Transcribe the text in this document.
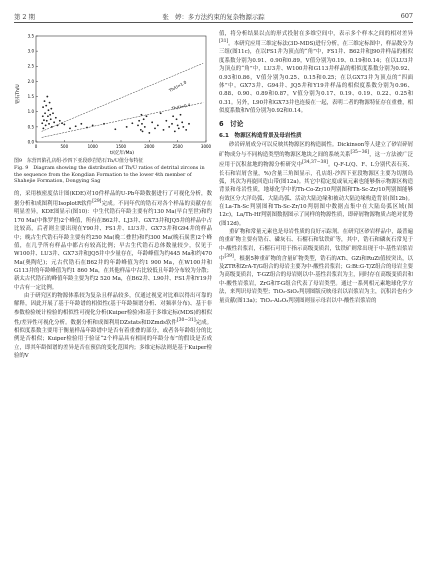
第 2 期	张　婷：多方法约束的复杂物源示踪	607
0	500	1000	1500	2000	2500	3000
0.0
0.5
1.0
1.5
2.0
2.5
3.0
3.5
锆石Th/U
t/(亿年/Ma)
Th/U=1.0
Th/U=0.4
图9　东营凹陷孔店组-沙四下亚段砂岩锆石Th/U值分布特征
Fig. 9　Diagram showing the distribution of Th/U ratios of detrital zircons in the sequence from the Kongdian Formation to the lower 4th member of Shahejie Formation, Dongying Sag

的，采用核密度估计图(KDE)对10件样品的U-Pb年龄数据进行了可视化分析，数据分析和成图利用IsoplotR软件[29]完成。不同年代的锆石对各个样品的贡献存在明显差异，KDE图显示(图10)：中生代锆石年龄主要有约130 Ma(早白垩世)和约170 Ma(中侏罗世)2个峰值，所有在B62井、LJ3井、GX73井和JQ5井的样品中占比较高，后者则主要出现在Y90井、FS1井、LU3井、GX73井和G94井的样品中；晚古生代锆石年龄主要有约250 Ma(晚二叠世)和约300 Ma(晚石炭世)2个峰值，在几乎所有样品中都占有较高比例；早古生代锆石总体数量较少，仅见于W100井、LU3井、GX73井和JQ5井中少量存在，年龄峰值为约445 Ma和约470 Ma(奥陶纪)；元古代锆石在B62井的年龄峰值为约1 900 Ma，在W100井和G113井的年龄峰值为约1 860 Ma，在其他样品中古比较低且年龄分布较为分散；新太古代锆石的峰值年龄主要为约2 520 Ma，在B62井、L90井、FS1井和Y19井中古有一定比例。

由于研究区的物源体系较为复杂且样品较多，仅通过视觉对比难以得出可靠的解释，因此开展了基于年龄谱的相似性(基于年龄频谱分析、对频率分布)、基于非参数检验统计检验的相似性可视化分析(Kuiper检验)和基于多维定标(MDS)的相似性/差异性可视化分析。数据分析和成图利用DZstats和DZmds软件[30−31]完成。相似度系数主要用于衡量样品年龄谱中是否有着重叠的部分，或者各年龄组分的比例是否相似；Kuiper检验用于验证“2个样品具有相同的年龄分布”的假设是否成立，即其年龄图谱的差异是否在预估的变化范围内；多维定标法则是基于Kuiper检验的V

值，将分析结果以点的形式投射在多维空间中，表示多个样本之间的相对差异[31]。本研究应用三维定标法(3D-MDS)进行分析，在三维定标图中，样品数分为三组(图11c)，在以FS1井为顶点的“角”中，FS1井、B62井和J90井样品的相似度系数分别为0.91、0.90和0.89，V值分别为0.19、0.19和0.14；在以LU3井为顶点的“角”中，LU3井、W100井和G113井样品的相似度系数分别为0.92、0.93和0.86，V值分别为0.25、0.15和0.25；在以GX73井为顶点的“四面体”中，GX73井、G94井、JQ5井和Y19井样品的相似度系数分别为0.96、0.88、0.90、0.89和0.87，V值分别为0.17、0.19、0.19、0.22、0.25和0.31。另外，L90井和GX73井也连接在一起，表明二者的物源特征存在重叠，相似度系数和V值分别为0.92和0.14。

6　讨论
6.1　物源区构造背景及母岩性质

砂岩碎屑成分可以反映其物源区的构造属性。Dickinson等人建立了砂岩碎屑矿物成分与不同构造类型的物源区地块之间的系统关系[35−36]，这一方法被广泛应用于沉积盆地的物源分析研究中[34,37−38]。Q-F-L(Q、F、L分别代表石英、长石和岩屑含量，%)含量三角图显示，孔店组-沙四下亚段物源区主要为切割岛弧，其次为再旋回造山带(图12a)。其它中稳定度或氧元素也能够指示物源区构造背景和母岩性质，地球化学中的Th-Co-Zr/10判别图和Th-Sc-Zr/10判别图能够有效区分大洋岛弧、大陆岛弧、活动大陆边缘和被动大陆边缘构造背景(图12b)。在La-Th-Sc判别图和Th-Sc-Zr/10判别图中数据点集中在大陆岛弧区域(图12c)，La/Th-Hf判别图数据图示了同样的物源性质，即碎屑物源物质占绝对优势(图12d)。

重矿物和常量元素也是母岩性质的良好示踪剂。在研究区砂岩样品中，最普遍的重矿物主要有锆石、磷灰石、石榴石和钛铁矿等，其中，锆石和磷灰石常见于中-酸性岩浆岩，石榴石可用于指示高级变质岩，钛铁矿则常出现于中-基性岩浆岩中[39]。根据5种重矿物的含量矿物类型，锆石的ATi、GZi和RuZi值较突出，以及ZTR和ZrA-T/G组合的母岩主要为中-酸性岩浆岩；G:Bt:G-T/Z组合的母岩主要为高级变质岩，T-GZ组合的母岩则以中-基性岩浆岩为主，同时存在高级变质岩和中-酸性岩浆岩，ZrG和T-G组合代表了母岩类型。通过一系列相元素地球化学方法，来判识母岩类型；TiO₂-SiO₂判别图版反映母岩以岩浆岩为主，沉积岩也有少量贡献(图13a)；TiO₂-Al₂O₃判别图则显示母岩以中-酸性岩浆岩的
